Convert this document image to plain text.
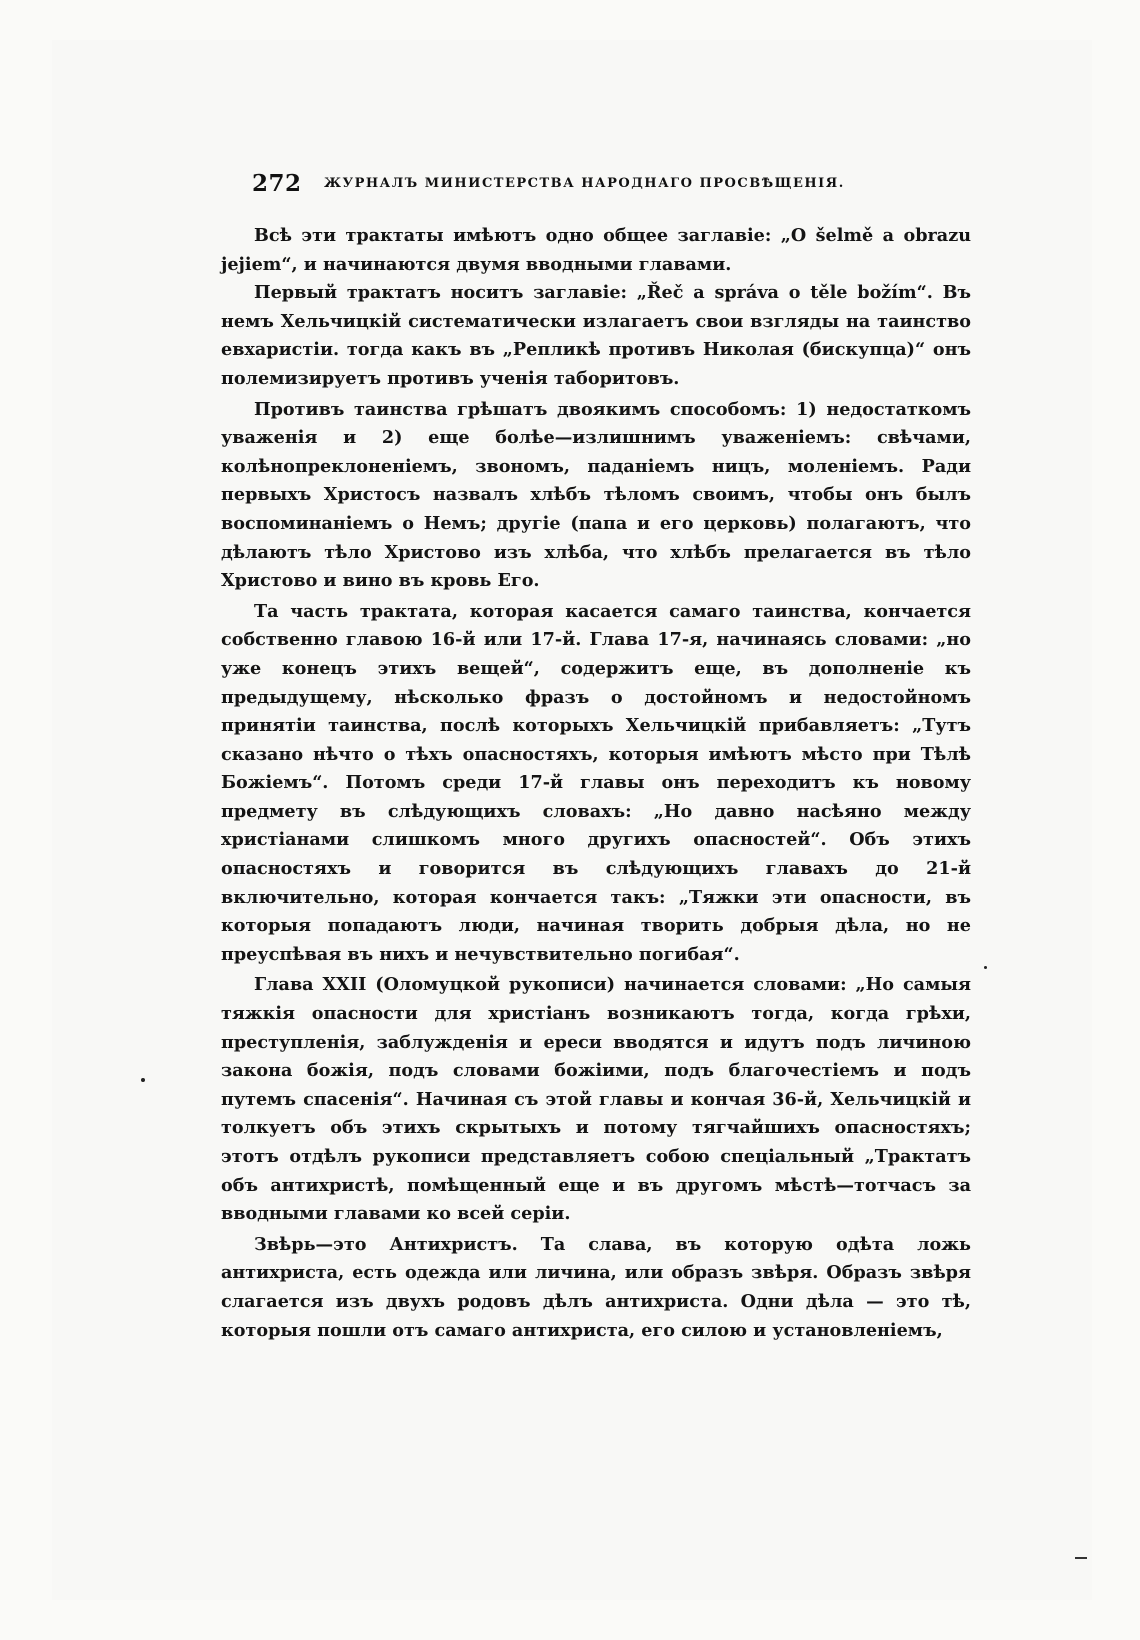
272 ЖУРНАЛЪ МИНИСТЕРСТВА НАРОДНАГО ПРОСВѢЩЕНІЯ.

Всѣ эти трактаты имѣютъ одно общее заглавіе: „O šelmě a obrazu jejiem“, и начинаются двумя вводными главами.

Первый трактатъ носитъ заглавіе: „Řeč a správa o těle božím“. Въ немъ Хельчицкій систематически излагаетъ свои взгляды на таинство евхаристіи. тогда какъ въ „Репликѣ противъ Николая (бискупца)“ онъ полемизируетъ противъ ученія таборитовъ.

Противъ таинства грѣшатъ двоякимъ способомъ: 1) недостаткомъ уваженія и 2) еще болѣе—излишнимъ уваженіемъ: свѣчами, колѣнопреклоненіемъ, звономъ, паданіемъ ницъ, моленіемъ. Ради первыхъ Христосъ назвалъ хлѣбъ тѣломъ своимъ, чтобы онъ былъ воспоминаніемъ о Немъ; другіе (папа и его церковь) полагаютъ, что дѣлаютъ тѣло Христово изъ хлѣба, что хлѣбъ прелагается въ тѣло Христово и вино въ кровь Его.

Та часть трактата, которая касается самаго таинства, кончается собственно главою 16-й или 17-й. Глава 17-я, начинаясь словами: „но уже конецъ этихъ вещей“, содержитъ еще, въ дополненіе къ предыдущему, нѣсколько фразъ о достойномъ и недостойномъ принятіи таинства, послѣ которыхъ Хельчицкій прибавляетъ: „Тутъ сказано нѣчто о тѣхъ опасностяхъ, которыя имѣютъ мѣсто при Тѣлѣ Божіемъ“. Потомъ среди 17-й главы онъ переходитъ къ новому предмету въ слѣдующихъ словахъ: „Но давно насѣяно между христіанами слишкомъ много другихъ опасностей“. Объ этихъ опасностяхъ и говорится въ слѣдующихъ главахъ до 21-й включительно, которая кончается такъ: „Тяжки эти опасности, въ которыя попадаютъ люди, начиная творить добрыя дѣла, но не преуспѣвая въ нихъ и нечувствительно погибая“.

Глава XXII (Оломуцкой рукописи) начинается словами: „Но самыя тяжкія опасности для христіанъ возникаютъ тогда, когда грѣхи, преступленія, заблужденія и ереси вводятся и идутъ подъ личиною закона божія, подъ словами божіими, подъ благочестіемъ и подъ путемъ спасенія“. Начиная съ этой главы и кончая 36-й, Хельчицкій и толкуетъ объ этихъ скрытыхъ и потому тягчайшихъ опасностяхъ; этотъ отдѣлъ рукописи представляетъ собою спеціальный „Трактатъ объ антихристѣ, помѣщенный еще и въ другомъ мѣстѣ—тотчасъ за вводными главами ко всей серіи.

Звѣрь—это Антихристъ. Та слава, въ которую одѣта ложь антихриста, есть одежда или личина, или образъ звѣря. Образъ звѣря слагается изъ двухъ родовъ дѣлъ антихриста. Одни дѣла — это тѣ, которыя пошли отъ самаго антихриста, его силою и установленіемъ,
